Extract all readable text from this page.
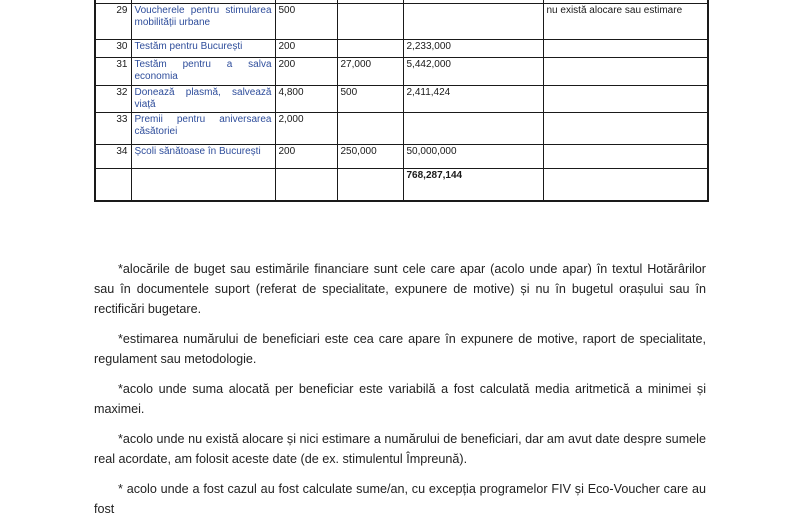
29	Voucherele pentru stimularea mobilității urbane	500			nu există alocare sau estimare
30	Testăm pentru București	200		2,233,000	
31	Testăm pentru a salva economia	200	27,000	5,442,000	
32	Donează plasmă, salvează viață	4,800	500	2,411,424	
33	Premii pentru aniversarea căsătoriei	2,000			
34	Școli sănătoase în București	200	250,000	50,000,000	
				768,287,144	

*alocările de buget sau estimările financiare sunt cele care apar (acolo unde apar) în textul Hotărârilor sau în documentele suport (referat de specialitate, expunere de motive) și nu în bugetul orașului sau în rectificări bugetare.

*estimarea numărului de beneficiari este cea care apare în expunere de motive, raport de specialitate, regulament sau metodologie.

*acolo unde suma alocată per beneficiar este variabilă a fost calculată media aritmetică a minimei și maximei.

*acolo unde nu există alocare și nici estimare a numărului de beneficiari, dar am avut date despre sumele real acordate, am folosit aceste date (de ex. stimulentul Împreună).

* acolo unde a fost cazul au fost calculate sume/an, cu excepția programelor FIV și Eco-Voucher care au fost
